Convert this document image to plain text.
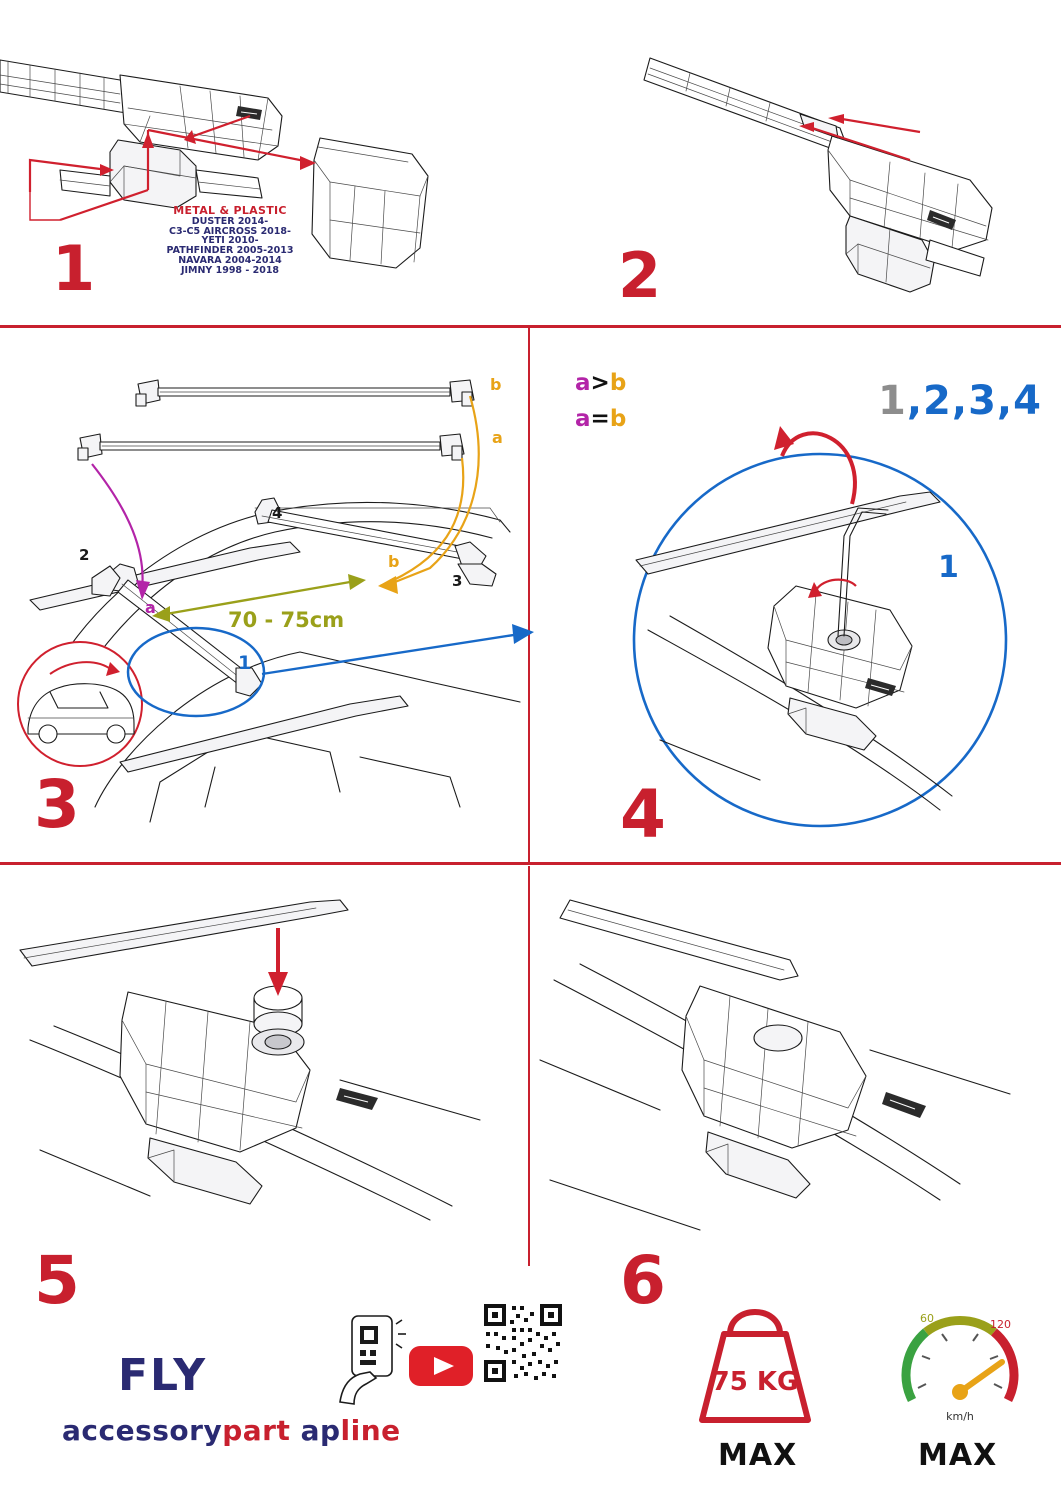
METAL & PLASTIC
DUSTER 2014-
C3-C5 AIRCROSS 2018-
YETI 2010-
PATHFINDER 2005-2013
NAVARA 2004-2014
JIMNY 1998 - 2018
1	2
b
a
a
b
2
4
3
1
70 - 75cm
a>b
a=b
3
1,2,3,4
1
4
5	6
FLY
accessorypart apline
75 KG
MAX
60	120
km/h
MAX
